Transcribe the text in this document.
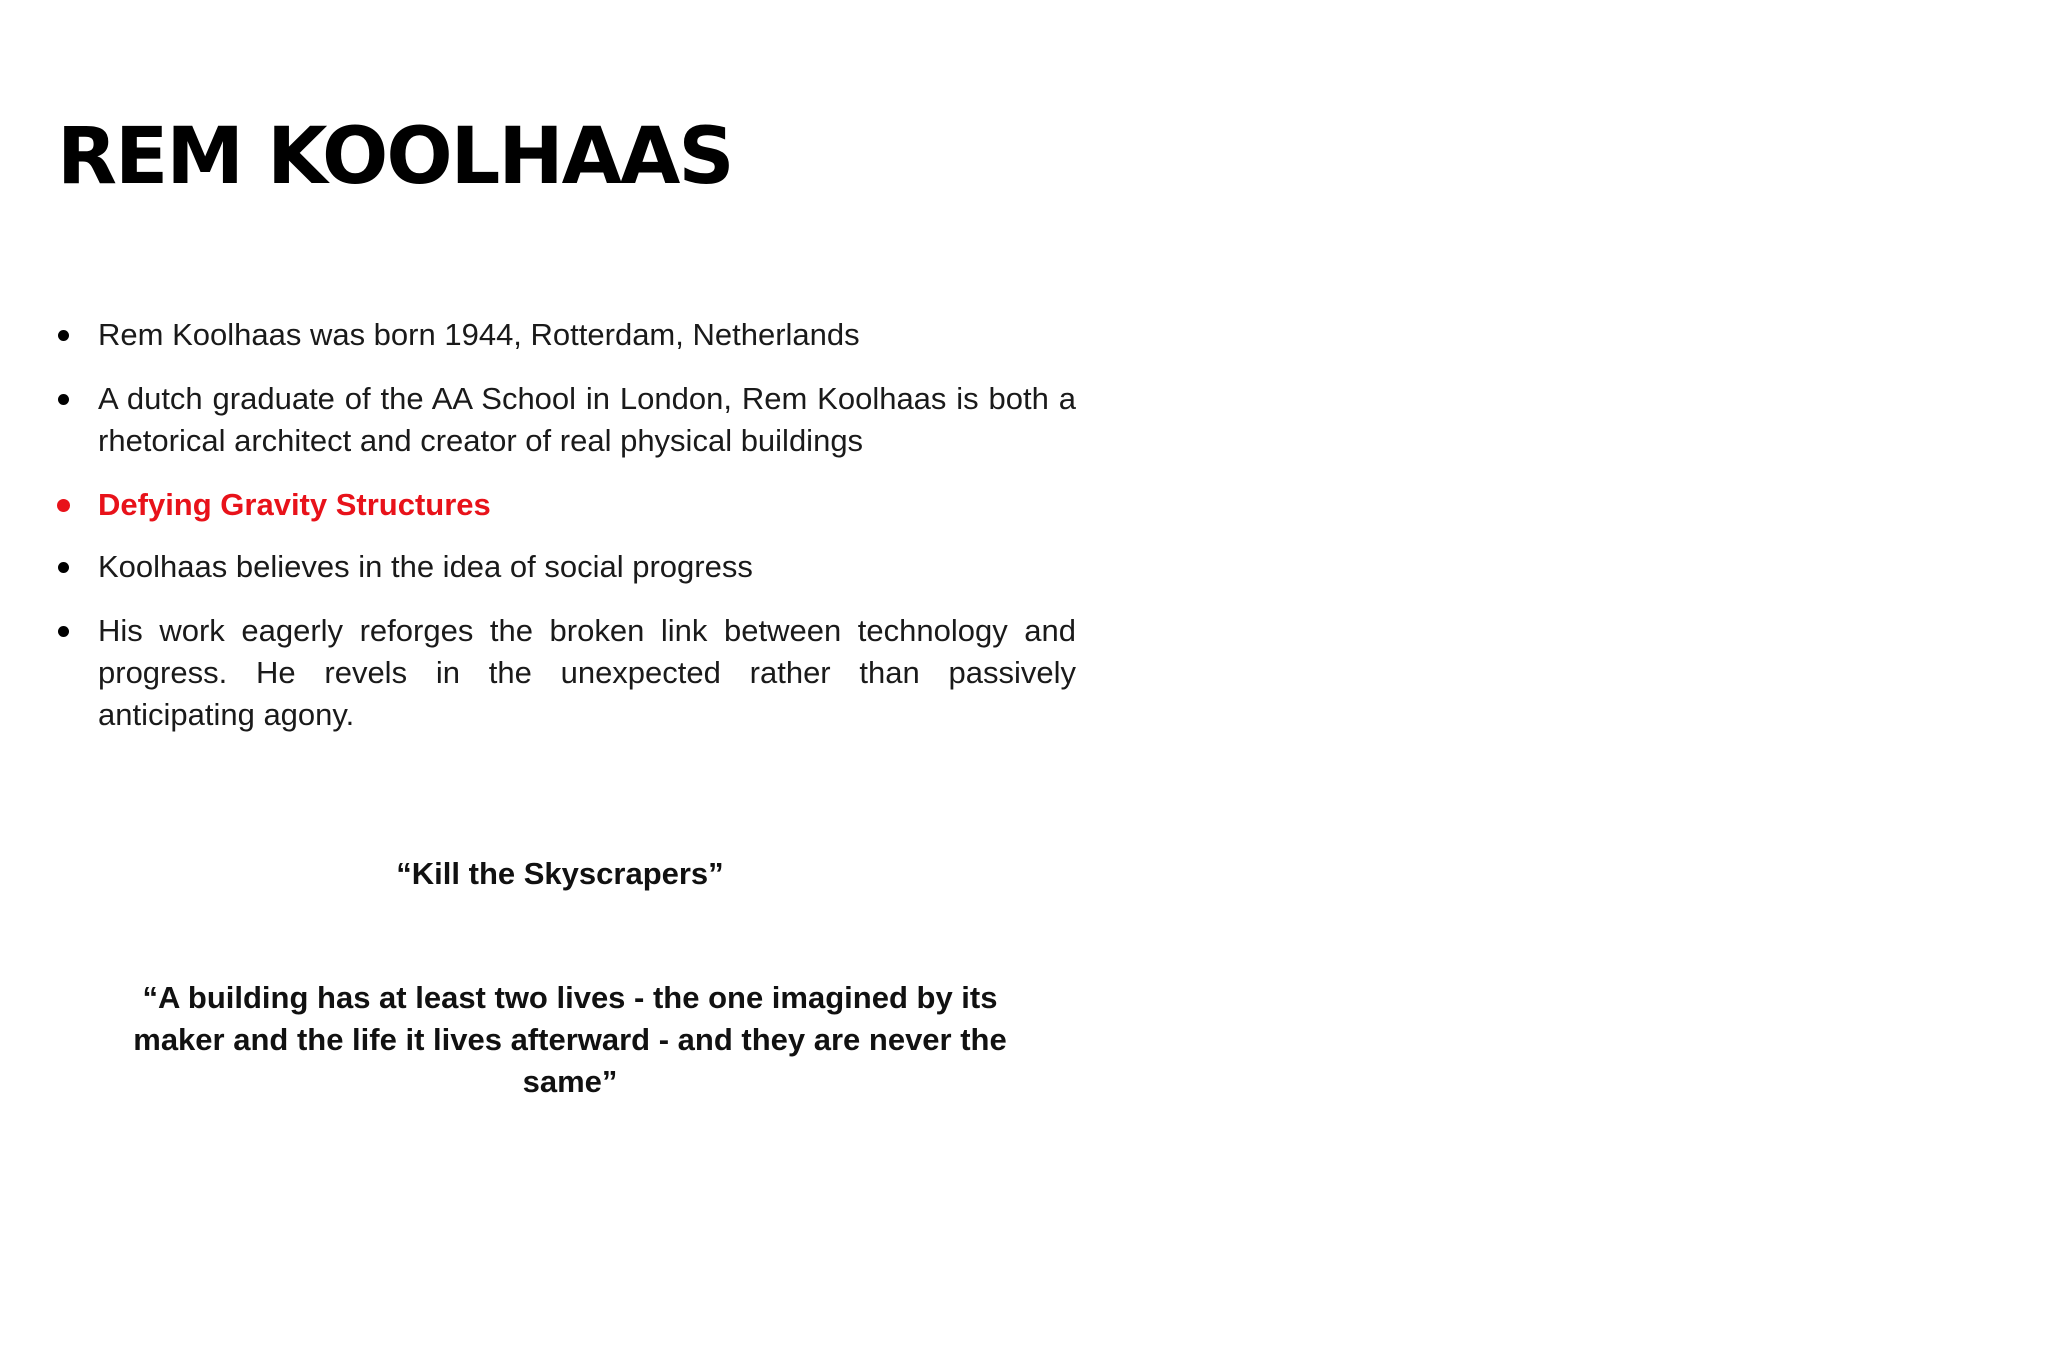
REM KOOLHAAS
Rem Koolhaas was born 1944, Rotterdam, Netherlands
A dutch graduate of the AA School in London, Rem Koolhaas is both a rhetorical architect and creator of real physical buildings
Defying Gravity Structures
Koolhaas believes in the idea of social progress
His work eagerly reforges the broken link between technology and progress. He revels in the unexpected rather than passively anticipating agony.

“Kill the Skyscrapers”

“A building has at least two lives - the one imagined by its maker and the life it lives afterward - and they are never the same”
